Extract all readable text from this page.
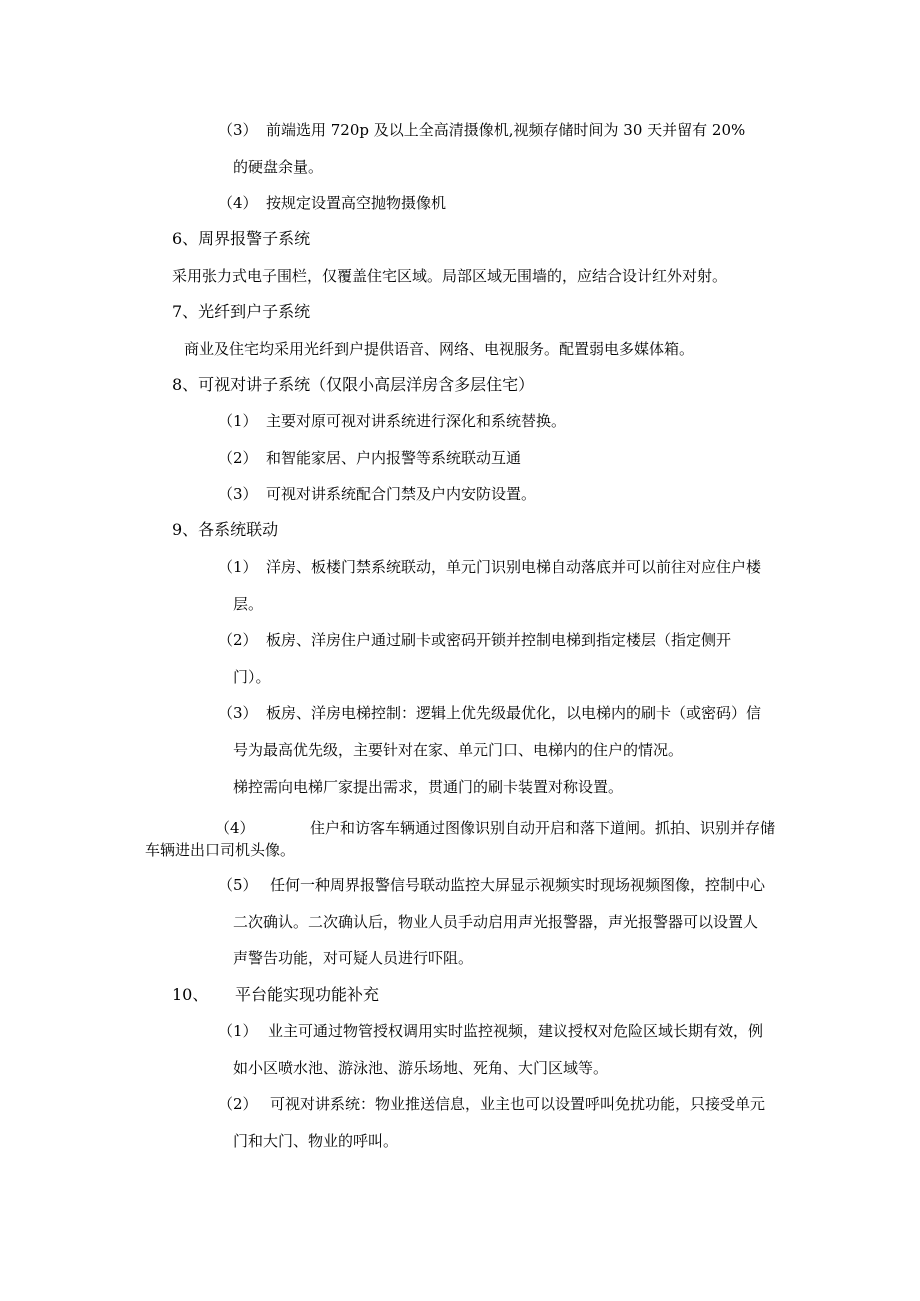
（3） 前端选用 720p 及以上全高清摄像机,视频存储时间为 30 天并留有 20%
的硬盘余量。
（4） 按规定设置高空抛物摄像机
6、周界报警子系统
采用张力式电子围栏，仅覆盖住宅区域。局部区域无围墙的，应结合设计红外对射。
7、光纤到户子系统
商业及住宅均采用光纤到户提供语音、网络、电视服务。配置弱电多媒体箱。
8、可视对讲子系统（仅限小高层洋房含多层住宅）
（1） 主要对原可视对讲系统进行深化和系统替换。
（2） 和智能家居、户内报警等系统联动互通
（3） 可视对讲系统配合门禁及户内安防设置。
9、各系统联动
（1） 洋房、板楼门禁系统联动，单元门识别电梯自动落底并可以前往对应住户楼
层。
（2） 板房、洋房住户通过刷卡或密码开锁并控制电梯到指定楼层（指定侧开
门）。
（3） 板房、洋房电梯控制：逻辑上优先级最优化，以电梯内的刷卡（或密码）信
号为最高优先级，主要针对在家、单元门口、电梯内的住户的情况。
梯控需向电梯厂家提出需求，贯通门的刷卡装置对称设置。
（4）	住户和访客车辆通过图像识别自动开启和落下道闸。抓拍、识别并存储
车辆进出口司机头像。
（5） 任何一种周界报警信号联动监控大屏显示视频实时现场视频图像，控制中心
二次确认。二次确认后，物业人员手动启用声光报警器，声光报警器可以设置人
声警告功能，对可疑人员进行吓阻。
10、 平台能实现功能补充
（1） 业主可通过物管授权调用实时监控视频，建议授权对危险区域长期有效，例
如小区喷水池、游泳池、游乐场地、死角、大门区域等。
（2） 可视对讲系统：物业推送信息，业主也可以设置呼叫免扰功能，只接受单元
门和大门、物业的呼叫。
